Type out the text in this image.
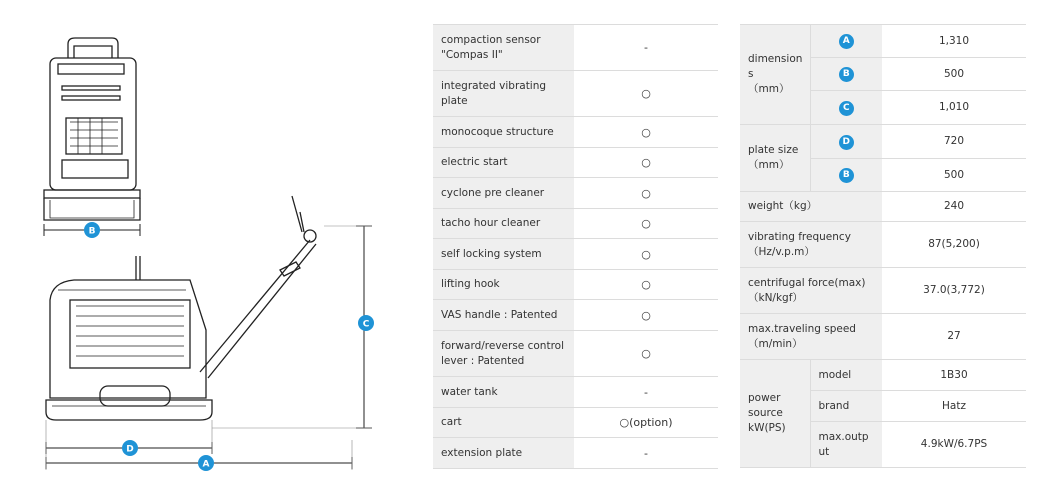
B
C
D
A
compaction sensor "Compas II"	-
integrated vibrating plate	○
monocoque structure	○
electric start	○
cyclone pre cleaner	○
tacho hour cleaner	○
self locking system	○
lifting hook	○
VAS handle : Patented	○
forward/reverse control lever : Patented	○
water tank	-
cart	○(option)
extension plate	-
dimension
s
（mm）	A	1,310
	B	500
	C	1,010
plate size
（mm）	D	720
	B	500
weight（kg）		240
vibrating frequency
（Hz/v.p.m）		87(5,200)
centrifugal force(max)
（kN/kgf）		37.0(3,772)
max.traveling speed
（m/min）		27
power
source
kW(PS)	model	1B30
	brand	Hatz
	max.outp
ut	4.9kW/6.7PS
